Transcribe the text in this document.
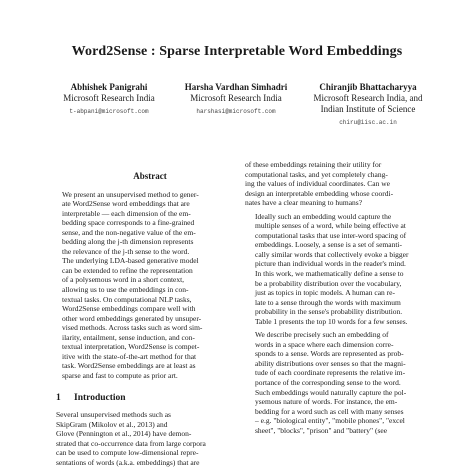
Word2Sense : Sparse Interpretable Word Embeddings
Abhishek Panigrahi
Microsoft Research India
t-abpani@microsoft.com
Harsha Vardhan Simhadri
Microsoft Research India
harshasi@microsoft.com
Chiranjib Bhattacharyya
Microsoft Research India, and
Indian Institute of Science
chiru@iisc.ac.in
Abstract
We present an unsupervised method to gener-
ate Word2Sense word embeddings that are
interpretable — each dimension of the em-
bedding space corresponds to a fine-grained
sense, and the non-negative value of the em-
bedding along the j-th dimension represents
the relevance of the j-th sense to the word.
The underlying LDA-based generative model
can be extended to refine the representation
of a polysemous word in a short context,
allowing us to use the embeddings in con-
textual tasks. On computational NLP tasks,
Word2Sense embeddings compare well with
other word embeddings generated by unsuper-
vised methods. Across tasks such as word sim-
ilarity, entailment, sense induction, and con-
textual interpretation, Word2Sense is compet-
itive with the state-of-the-art method for that
task. Word2Sense embeddings are at least as
sparse and fast to compute as prior art.
1 Introduction
Several unsupervised methods such as
SkipGram (Mikolov et al., 2013) and
Glove (Pennington et al., 2014) have demon-
strated that co-occurrence data from large corpora
can be used to compute low-dimensional repre-
sentations of words (a.k.a. embeddings) that are
of these embeddings retaining their utility for
computational tasks, and yet completely chang-
ing the values of individual coordinates. Can we
design an interpretable embedding whose coordi-
nates have a clear meaning to humans?
Ideally such an embedding would capture the
multiple senses of a word, while being effective at
computational tasks that use inter-word spacing of
embeddings. Loosely, a sense is a set of semanti-
cally similar words that collectively evoke a bigger
picture than individual words in the reader's mind.
In this work, we mathematically define a sense to
be a probability distribution over the vocabulary,
just as topics in topic models. A human can re-
late to a sense through the words with maximum
probability in the sense's probability distribution.
Table 1 presents the top 10 words for a few senses.
We describe precisely such an embedding of
words in a space where each dimension corre-
sponds to a sense. Words are represented as prob-
ability distributions over senses so that the magni-
tude of each coordinate represents the relative im-
portance of the corresponding sense to the word.
Such embeddings would naturally capture the pol-
ysemous nature of words. For instance, the em-
bedding for a word such as cell with many senses
– e.g. "biological entity", "mobile phones", "excel
sheet", "blocks", "prison" and "battery" (see
